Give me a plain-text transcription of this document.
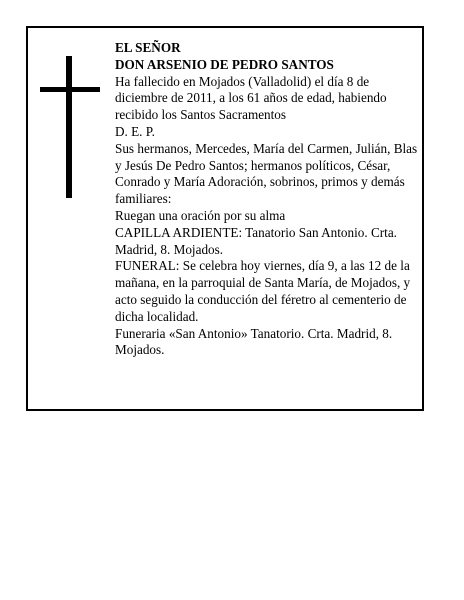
EL SEÑOR

DON ARSENIO DE PEDRO SANTOS

Ha fallecido en Mojados (Valladolid) el día 8 de diciembre de 2011, a los 61 años de edad, habiendo recibido los Santos Sacramentos

D. E. P.

Sus hermanos, Mercedes, María del Carmen, Julián, Blas y Jesús De Pedro Santos; hermanos políticos, César, Conrado y María Adoración, sobrinos, primos y demás familiares:

Ruegan una oración por su alma

CAPILLA ARDIENTE: Tanatorio San Antonio. Crta. Madrid, 8. Mojados.

FUNERAL: Se celebra hoy viernes, día 9, a las 12 de la mañana, en la parroquial de Santa María, de Mojados, y acto seguido la conducción del féretro al cementerio de dicha localidad.

Funeraria «San Antonio» Tanatorio. Crta. Madrid, 8. Mojados.
